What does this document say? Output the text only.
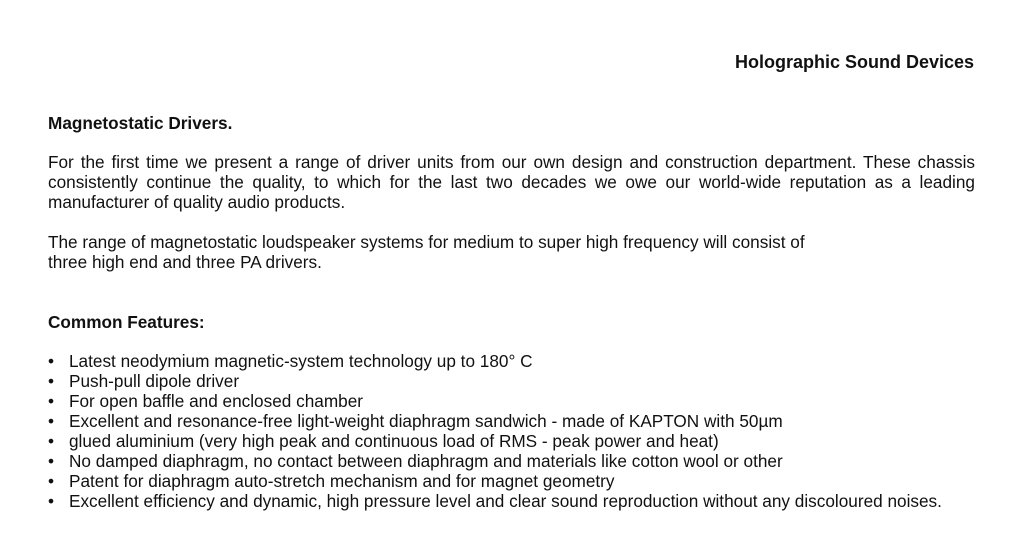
Holographic Sound Devices
Magnetostatic Drivers.

For the first time we present a range of driver units from our own design and construction department. These chassis consistently continue the quality, to which for the last two decades we owe our world-wide reputation as a leading manufacturer of quality audio products.

The range of magnetostatic loudspeaker systems for medium to super high frequency will consist of
three high end and three PA drivers.

Common Features:
• Latest neodymium magnetic-system technology up to 180° C
• Push-pull dipole driver
• For open baffle and enclosed chamber
• Excellent and resonance-free light-weight diaphragm sandwich - made of KAPTON with 50µm
• glued aluminium (very high peak and continuous load of RMS - peak power and heat)
• No damped diaphragm, no contact between diaphragm and materials like cotton wool or other
• Patent for diaphragm auto-stretch mechanism and for magnet geometry
• Excellent efficiency and dynamic, high pressure level and clear sound reproduction without any discoloured noises.
